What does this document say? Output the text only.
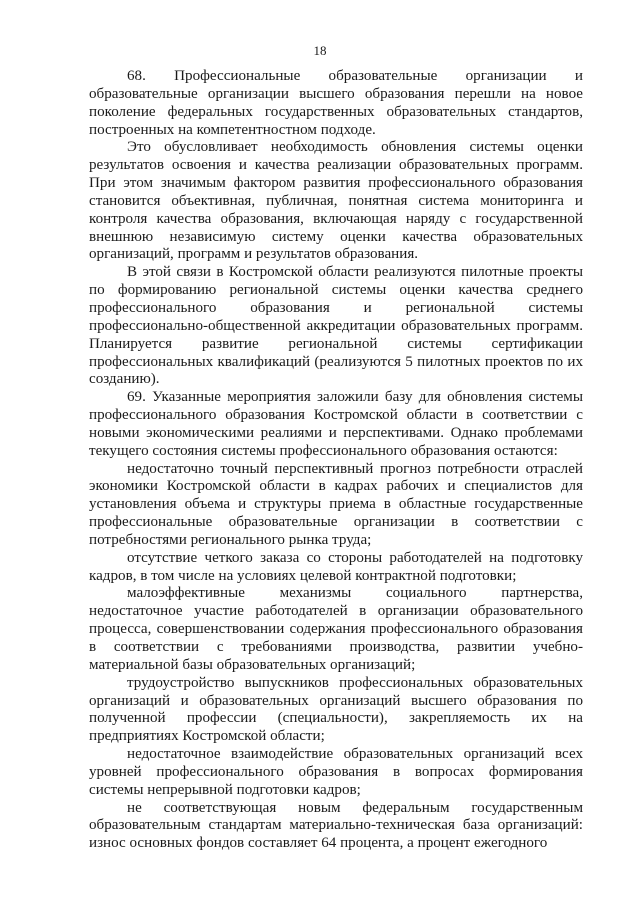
18

68. Профессиональные образовательные организации и образовательные организации высшего образования перешли на новое поколение федеральных государственных образовательных стандартов, построенных на компетентностном подходе.

Это обусловливает необходимость обновления системы оценки результатов освоения и качества реализации образовательных программ. При этом значимым фактором развития профессионального образования становится объективная, публичная, понятная система мониторинга и контроля качества образования, включающая наряду с государственной внешнюю независимую систему оценки качества образовательных организаций, программ и результатов образования.

В этой связи в Костромской области реализуются пилотные проекты по формированию региональной системы оценки качества среднего профессионального образования и региональной системы профессионально-общественной аккредитации образовательных программ. Планируется развитие региональной системы сертификации профессиональных квалификаций (реализуются 5 пилотных проектов по их созданию).

69. Указанные мероприятия заложили базу для обновления системы профессионального образования Костромской области в соответствии с новыми экономическими реалиями и перспективами. Однако проблемами текущего состояния системы профессионального образования остаются:

недостаточно точный перспективный прогноз потребности отраслей экономики Костромской области в кадрах рабочих и специалистов для установления объема и структуры приема в областные государственные профессиональные образовательные организации в соответствии с потребностями регионального рынка труда;

отсутствие четкого заказа со стороны работодателей на подготовку кадров, в том числе на условиях целевой контрактной подготовки;

малоэффективные механизмы социального партнерства, недостаточное участие работодателей в организации образовательного процесса, совершенствовании содержания профессионального образования в соответствии с требованиями производства, развитии учебно-материальной базы образовательных организаций;

трудоустройство выпускников профессиональных образовательных организаций и образовательных организаций высшего образования по полученной профессии (специальности), закрепляемость их на предприятиях Костромской области;

недостаточное взаимодействие образовательных организаций всех уровней профессионального образования в вопросах формирования системы непрерывной подготовки кадров;

не соответствующая новым федеральным государственным образовательным стандартам материально-техническая база организаций: износ основных фондов составляет 64 процента, а процент ежегодного
